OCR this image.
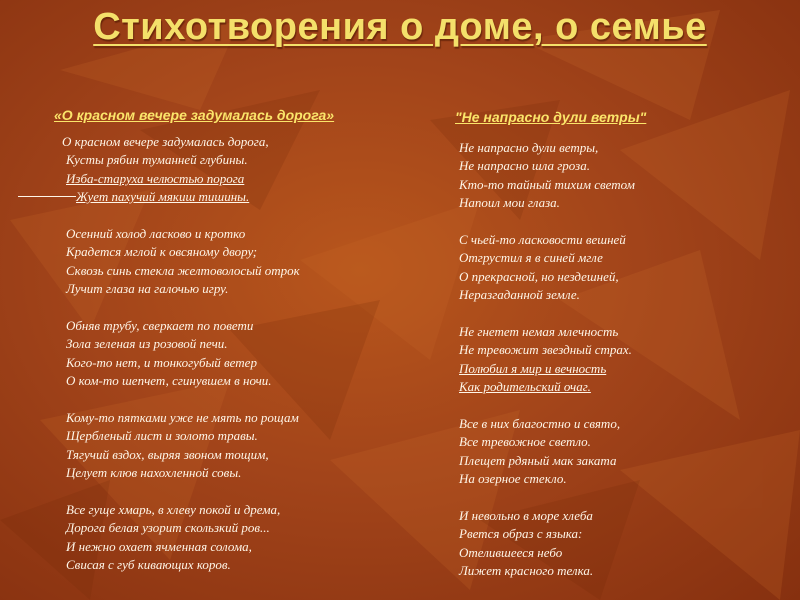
Стихотворения о доме, о семье

«О красном вечере задумалась дорога»

О красном вечере задумалась дорога,
Кусты рябин туманней глубины.
Изба-старуха челюстью порога
Жует пахучий мякиш тишины.
Осенний холод ласково и кротко
Крадется мглой к овсяному двору;
Сквозь синь стекла желтоволосый отрок
Лучит глаза на галочью игру.
Обняв трубу, сверкает по повети
Зола зеленая из розовой печи.
Кого-то нет, и тонкогубый ветер
О ком-то шепчет, сгинувшем в ночи.
Кому-то пятками уже не мять по рощам
Щербленый лист и золото травы.
Тягучий вздох, выряя звоном тощим,
Целует клюв нахохленной совы.
Все гуще хмарь, в хлеву покой и дрема,
Дорога белая узорит скользкий ров...
И нежно охает ячменная солома,
Свисая с губ кивающих коров.

"Не напрасно дули ветры"

Не напрасно дули ветры,
Не напрасно шла гроза.
Кто-то тайный тихим светом
Напоил мои глаза.
С чьей-то ласковости вешней
Отгрустил я в синей мгле
О прекрасной, но нездешней,
Неразгаданной земле.
Не гнетет немая млечность
Не тревожит звездный страх.
Полюбил я мир и вечность
Как родительский очаг.
Все в них благостно и свято,
Все тревожное светло.
Плещет рдяный мак заката
На озерное стекло.
И невольно в море хлеба
Рвется образ с языка:
Отелившееся небо
Лижет красного телка.
